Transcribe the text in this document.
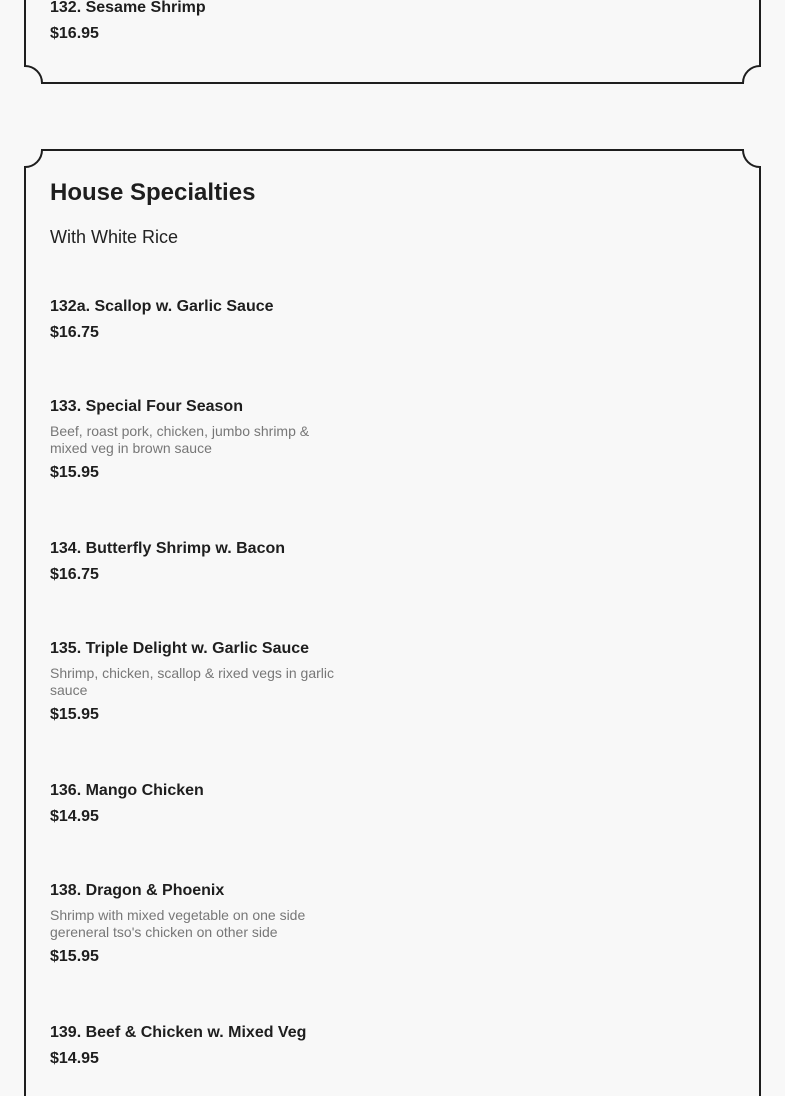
132. Sesame Shrimp

$16.95

House Specialties

With White Rice

132a. Scallop w. Garlic Sauce

$16.75

133. Special Four Season

Beef, roast pork, chicken, jumbo shrimp & mixed veg in brown sauce

$15.95

134. Butterfly Shrimp w. Bacon

$16.75

135. Triple Delight w. Garlic Sauce

Shrimp, chicken, scallop & rixed vegs in garlic sauce

$15.95

136. Mango Chicken

$14.95

138. Dragon & Phoenix

Shrimp with mixed vegetable on one side gereneral tso's chicken on other side

$15.95

139. Beef & Chicken w. Mixed Veg

$14.95
